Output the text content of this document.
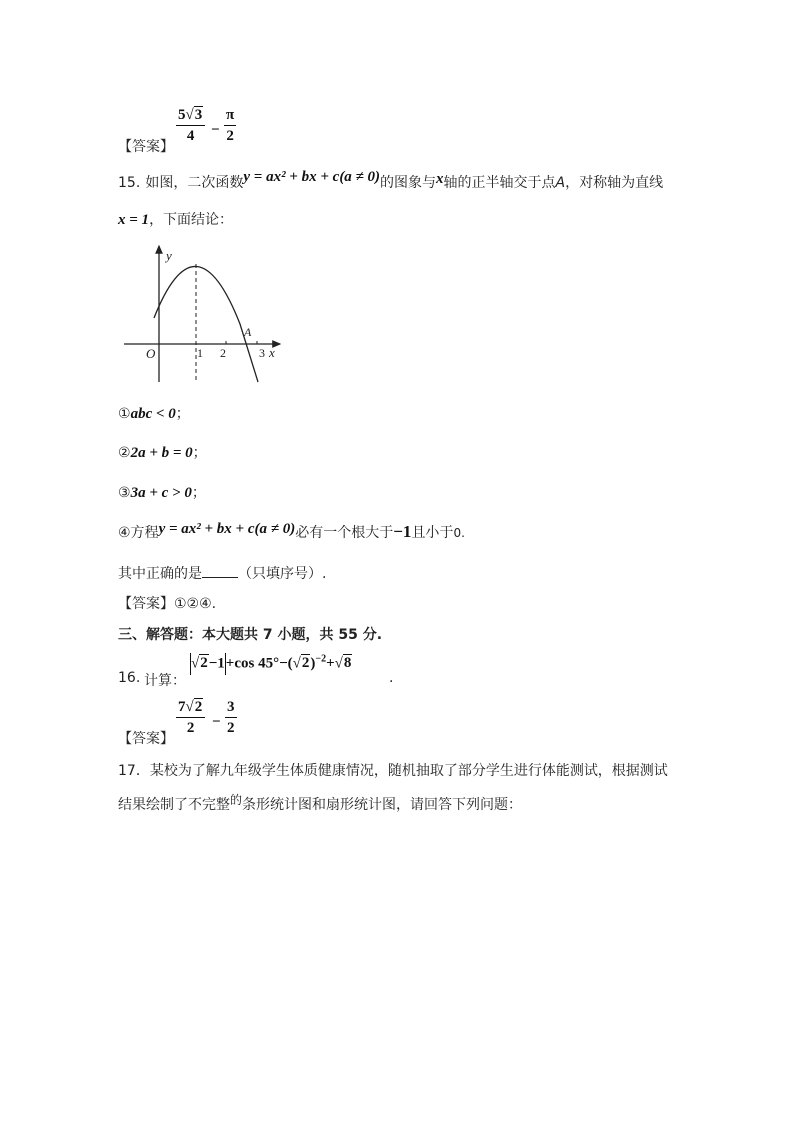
【答案】
$\frac{5√3}{4} - \frac{\pi}{2}$
15. 如图，二次函数y = ax² + bx + c(a ≠ 0)的图象与x轴的正半轴交于点A，对称轴为直线
x = 1，下面结论：
y
O
A
1 2	3 x
①abc < 0；
②2a + b = 0；
③3a + c > 0；
④方程y = ax² + bx + c(a ≠ 0)必有一个根大于−1且小于0.
其中正确的是	（只填序号）.
【答案】①②④.
三、解答题：本大题共 7 小题，共 55 分.
16. 计算：
√2−1+cos $45^\circ-(√2)^{-2}+√8$
.
【答案】
$\frac{7√2}{2} - \frac{3}{2}$
17．某校为了解九年级学生体质健康情况，随机抽取了部分学生进行体能测试，根据测试
结果绘制了不完整$^的$条形统计图和扇形统计图，请回答下列问题：
